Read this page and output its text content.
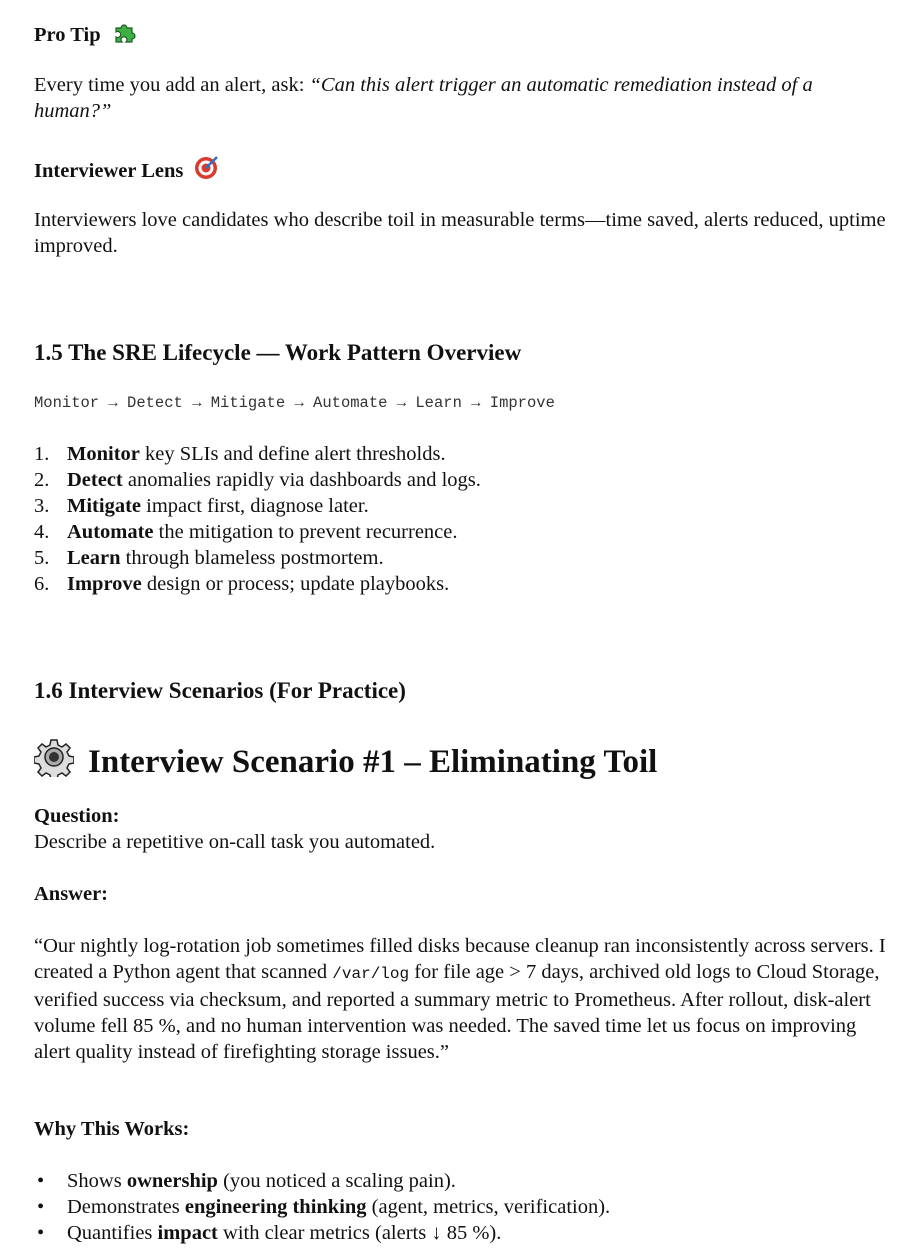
Pro Tip
Every time you add an alert, ask: “Can this alert trigger an automatic remediation instead of a human?”
Interviewer Lens
Interviewers love candidates who describe toil in measurable terms—time saved, alerts reduced, uptime improved.
1.5 The SRE Lifecycle — Work Pattern Overview
Monitor → Detect → Mitigate → Automate → Learn → Improve
1. Monitor key SLIs and define alert thresholds.
2. Detect anomalies rapidly via dashboards and logs.
3. Mitigate impact first, diagnose later.
4. Automate the mitigation to prevent recurrence.
5. Learn through blameless postmortem.
6. Improve design or process; update playbooks.
1.6 Interview Scenarios (For Practice)
Interview Scenario #1 – Eliminating Toil
Question:
Describe a repetitive on-call task you automated.
Answer:
“Our nightly log-rotation job sometimes filled disks because cleanup ran inconsistently across servers. I created a Python agent that scanned /var/log for file age > 7 days, archived old logs to Cloud Storage, verified success via checksum, and reported a summary metric to Prometheus. After rollout, disk-alert volume fell 85 %, and no human intervention was needed. The saved time let us focus on improving alert quality instead of firefighting storage issues.”
Why This Works:
• Shows ownership (you noticed a scaling pain).
• Demonstrates engineering thinking (agent, metrics, verification).
• Quantifies impact with clear metrics (alerts ↓ 85 %).
